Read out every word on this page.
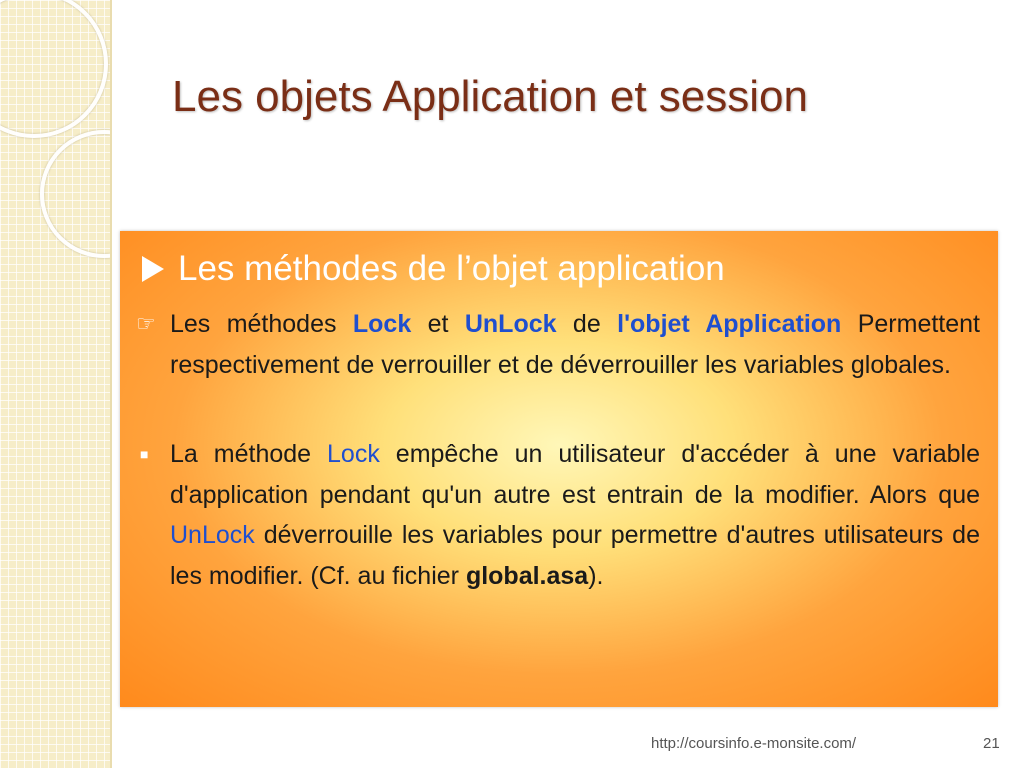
Les objets Application et session
Les méthodes de l’objet application
☞ Les méthodes Lock et UnLock de l'objet Application Permettent respectivement de verrouiller et de déverrouiller les variables globales.

■ La méthode Lock empêche un utilisateur d'accéder à une variable d'application pendant qu'un autre est entrain de la modifier. Alors que UnLock déverrouille les variables pour permettre d'autres utilisateurs de les modifier. (Cf. au fichier global.asa).

http://coursinfo.e-monsite.com/	21
